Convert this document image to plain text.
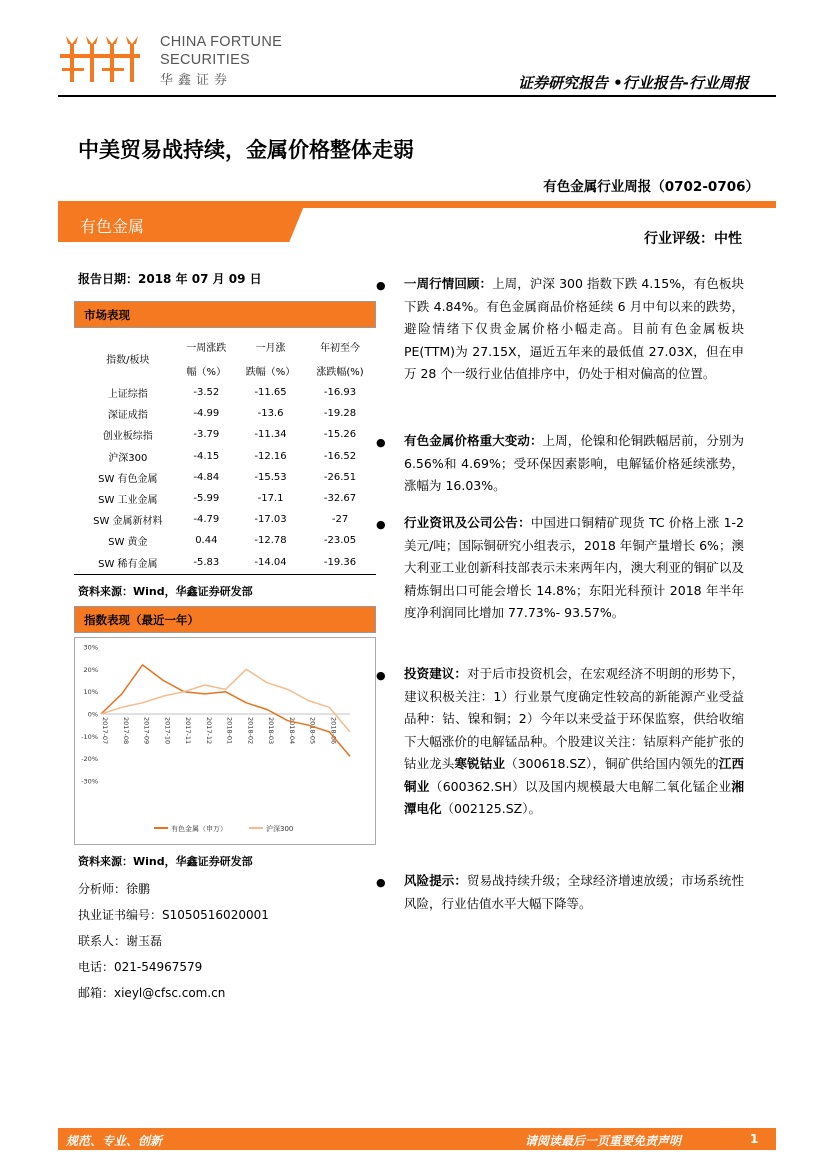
CHINA FORTUNE
SECURITIES
华鑫证券	证券研究报告 •行业报告-行业周报
中美贸易战持续，金属价格整体走弱
有色金属行业周报（0702-0706）
有色金属
行业评级：中性
报告日期：2018 年 07 月 09 日
市场表现
指数/板块	一周涨跌	一月涨	年初至今
	幅（%）	跌幅（%）	涨跌幅(%)
上证综指	-3.52	-11.65	-16.93
深证成指	-4.99	-13.6	-19.28
创业板综指	-3.79	-11.34	-15.26
沪深300	-4.15	-12.16	-16.52
SW 有色金属	-4.84	-15.53	-26.51
SW 工业金属	-5.99	-17.1	-32.67
SW 金属新材料	-4.79	-17.03	-27
SW 黄金	0.44	-12.78	-23.05
SW 稀有金属	-5.83	-14.04	-19.36
资料来源：Wind，华鑫证券研发部
指数表现（最近一年）
30%
20%
10%
0%
-10%
-20%
-30%
2017-07 2017-08 2017-09 2017-10 2017-11 2017-12 2018-01 2018-02 2018-03 2018-04 2018-05 2018-06
有色金属（申万）	沪深300
资料来源：Wind，华鑫证券研发部
分析师：徐鹏
执业证书编号：S1050516020001
联系人：谢玉磊
电话：021-54967579
邮箱：xieyl@cfsc.com.cn
●	一周行情回顾：上周，沪深 300 指数下跌 4.15%，有色板块下跌 4.84%。有色金属商品价格延续 6 月中旬以来的跌势，避险情绪下仅贵金属价格小幅走高。目前有色金属板块 PE(TTM)为 27.15X，逼近五年来的最低值 27.03X，但在申万 28 个一级行业估值排序中，仍处于相对偏高的位置。
●	有色金属价格重大变动：上周，伦镍和伦铜跌幅居前，分别为 6.56%和 4.69%；受环保因素影响，电解锰价格延续涨势，涨幅为 16.03%。
●	行业资讯及公司公告：中国进口铜精矿现货 TC 价格上涨 1-2 美元/吨；国际铜研究小组表示，2018 年铜产量增长 6%；澳大利亚工业创新科技部表示未来两年内，澳大利亚的铜矿以及精炼铜出口可能会增长 14.8%；东阳光科预计 2018 年半年度净利润同比增加 77.73%- 93.57%。
●	投资建议：对于后市投资机会，在宏观经济不明朗的形势下，建议积极关注：1）行业景气度确定性较高的新能源产业受益品种：钴、镍和铜；2）今年以来受益于环保监察，供给收缩下大幅涨价的电解锰品种。个股建议关注：钴原料产能扩张的钴业龙头寒锐钴业（300618.SZ），铜矿供给国内领先的江西铜业（600362.SH）以及国内规模最大电解二氧化锰企业湘潭电化（002125.SZ）。
●	风险提示：贸易战持续升级；全球经济增速放缓；市场系统性风险，行业估值水平大幅下降等。
规范、专业、创新	请阅读最后一页重要免责声明	1
